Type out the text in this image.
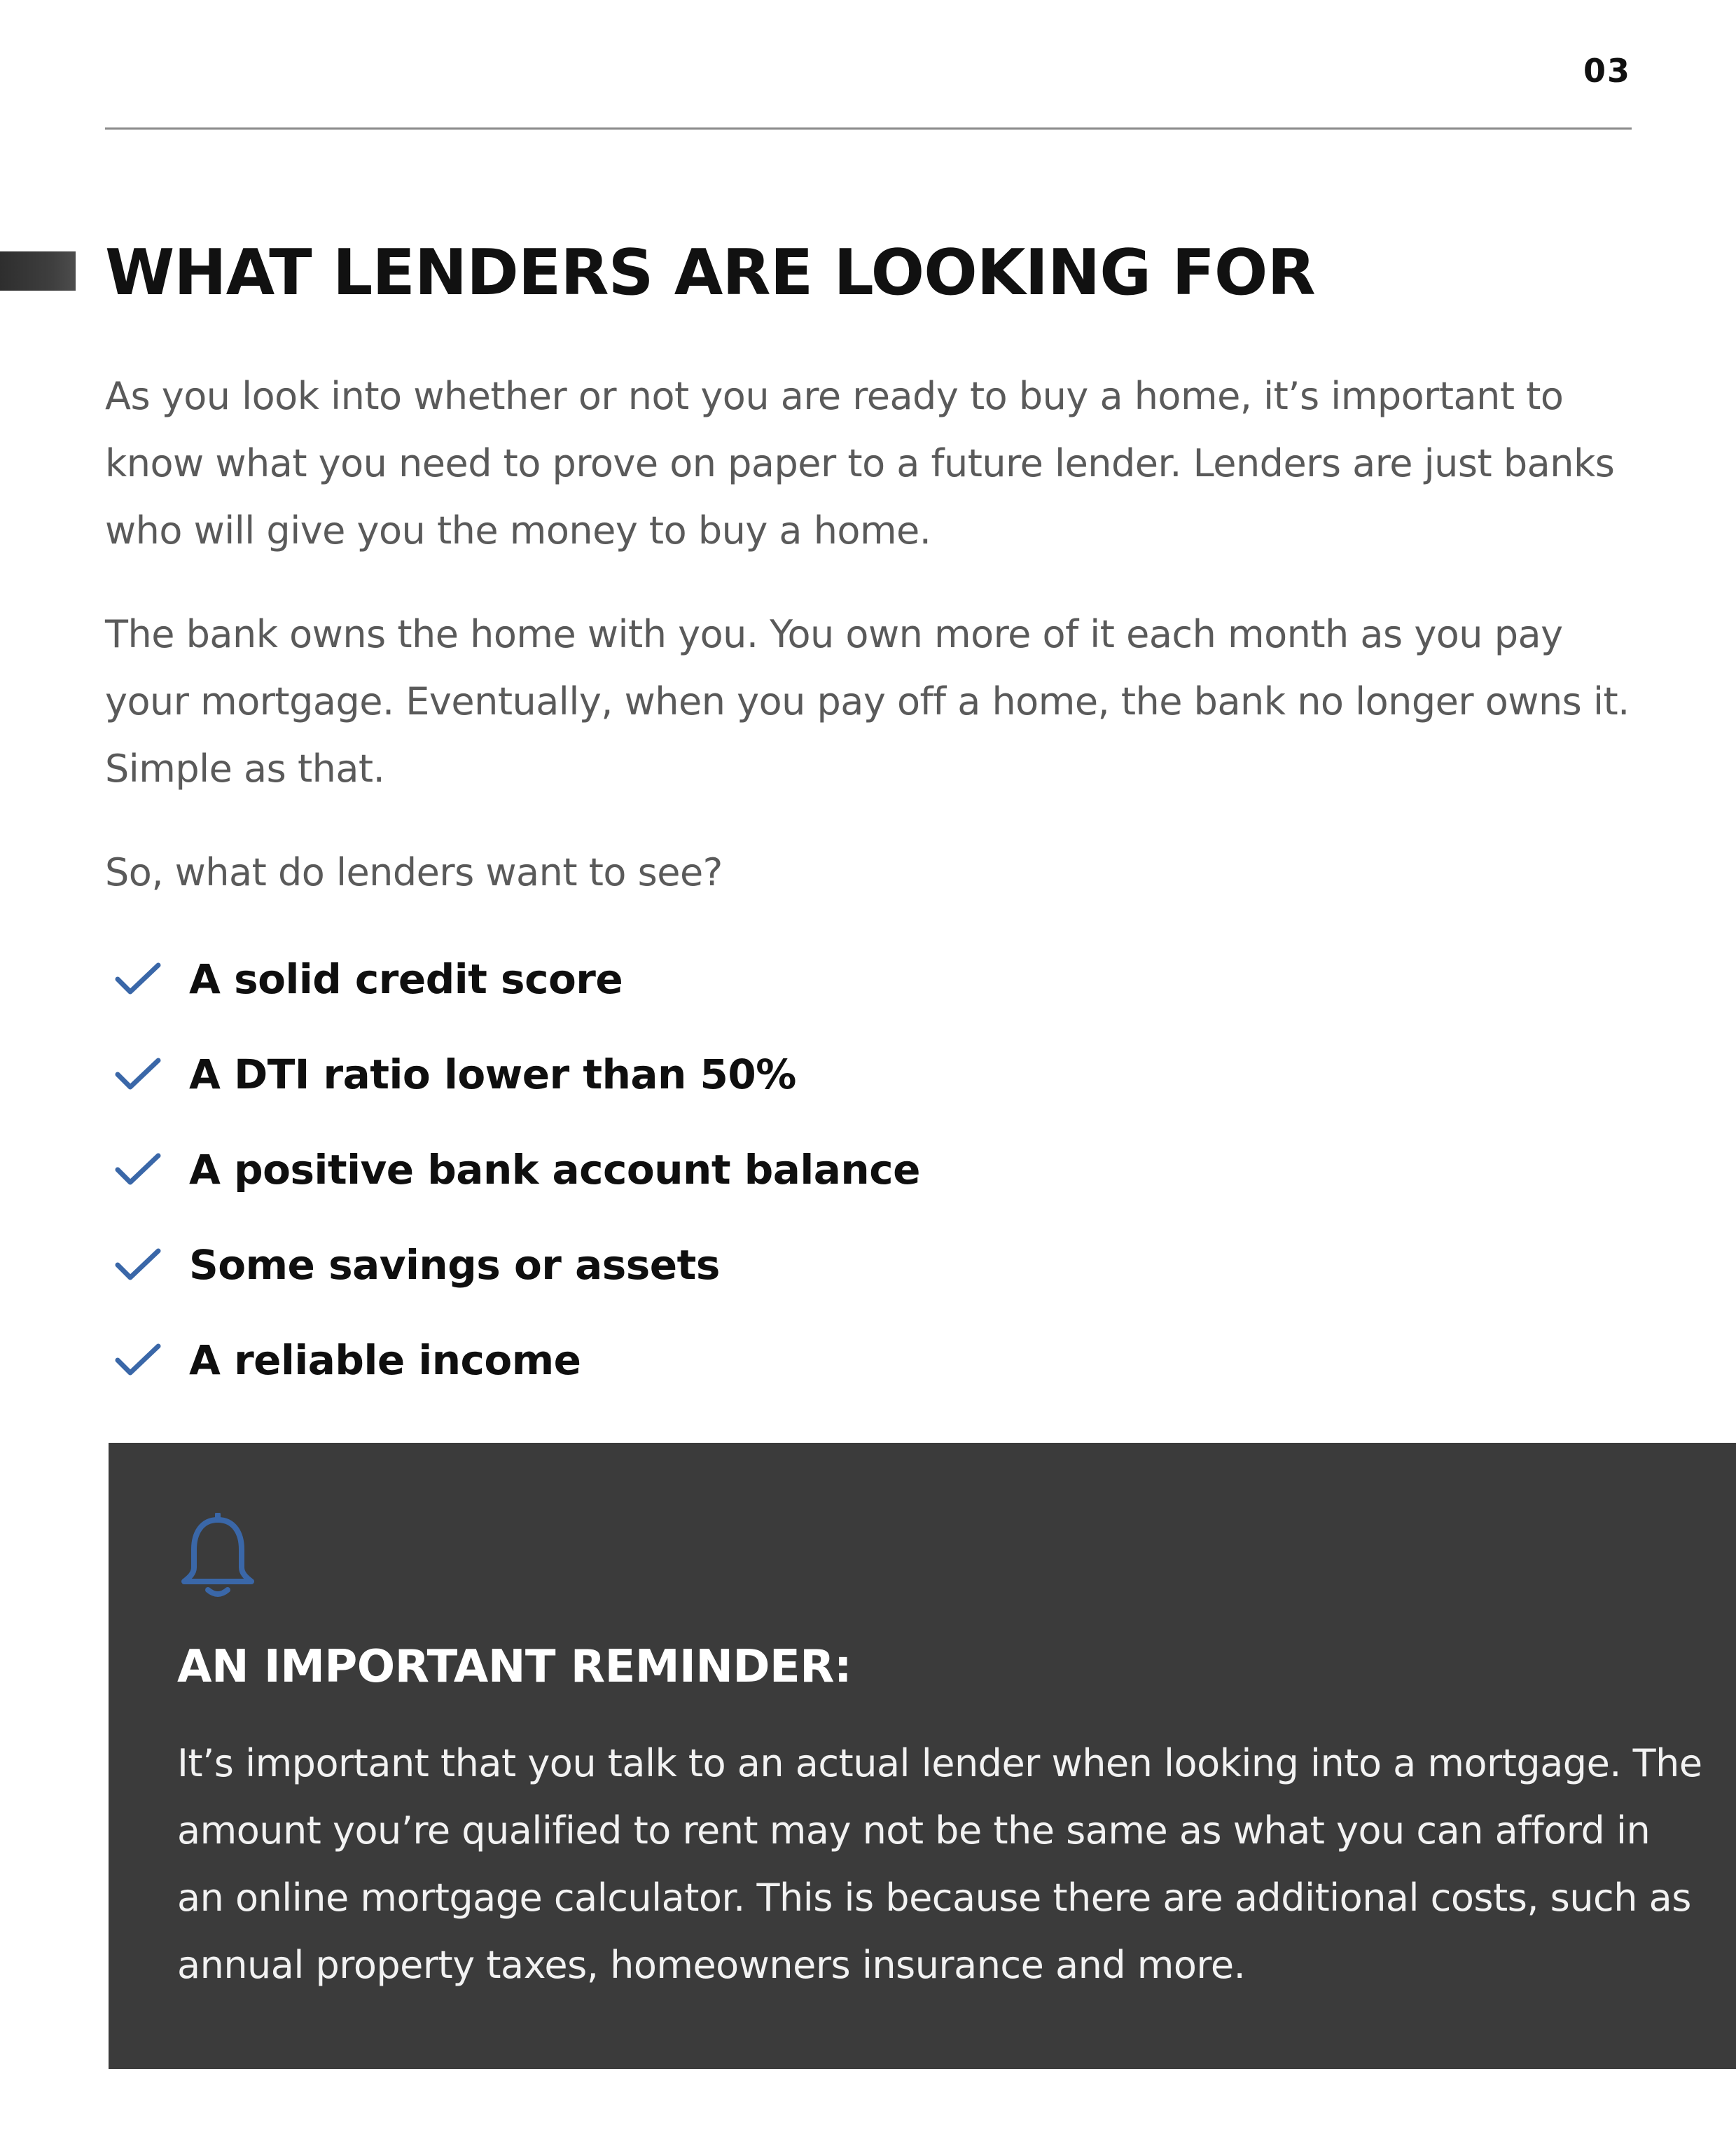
03
WHAT LENDERS ARE LOOKING FOR

As you look into whether or not you are ready to buy a home, it’s important to know what you need to prove on paper to a future lender. Lenders are just banks who will give you the money to buy a home.

The bank owns the home with you. You own more of it each month as you pay your mortgage. Eventually, when you pay off a home, the bank no longer owns it. Simple as that.

So, what do lenders want to see?

A solid credit score
A DTI ratio lower than 50%
A positive bank account balance
Some savings or assets
A reliable income
AN IMPORTANT REMINDER:

It’s important that you talk to an actual lender when looking into a mortgage. The amount you’re qualified to rent may not be the same as what you can afford in an online mortgage calculator. This is because there are additional costs, such as annual property taxes, homeowners insurance and more.
